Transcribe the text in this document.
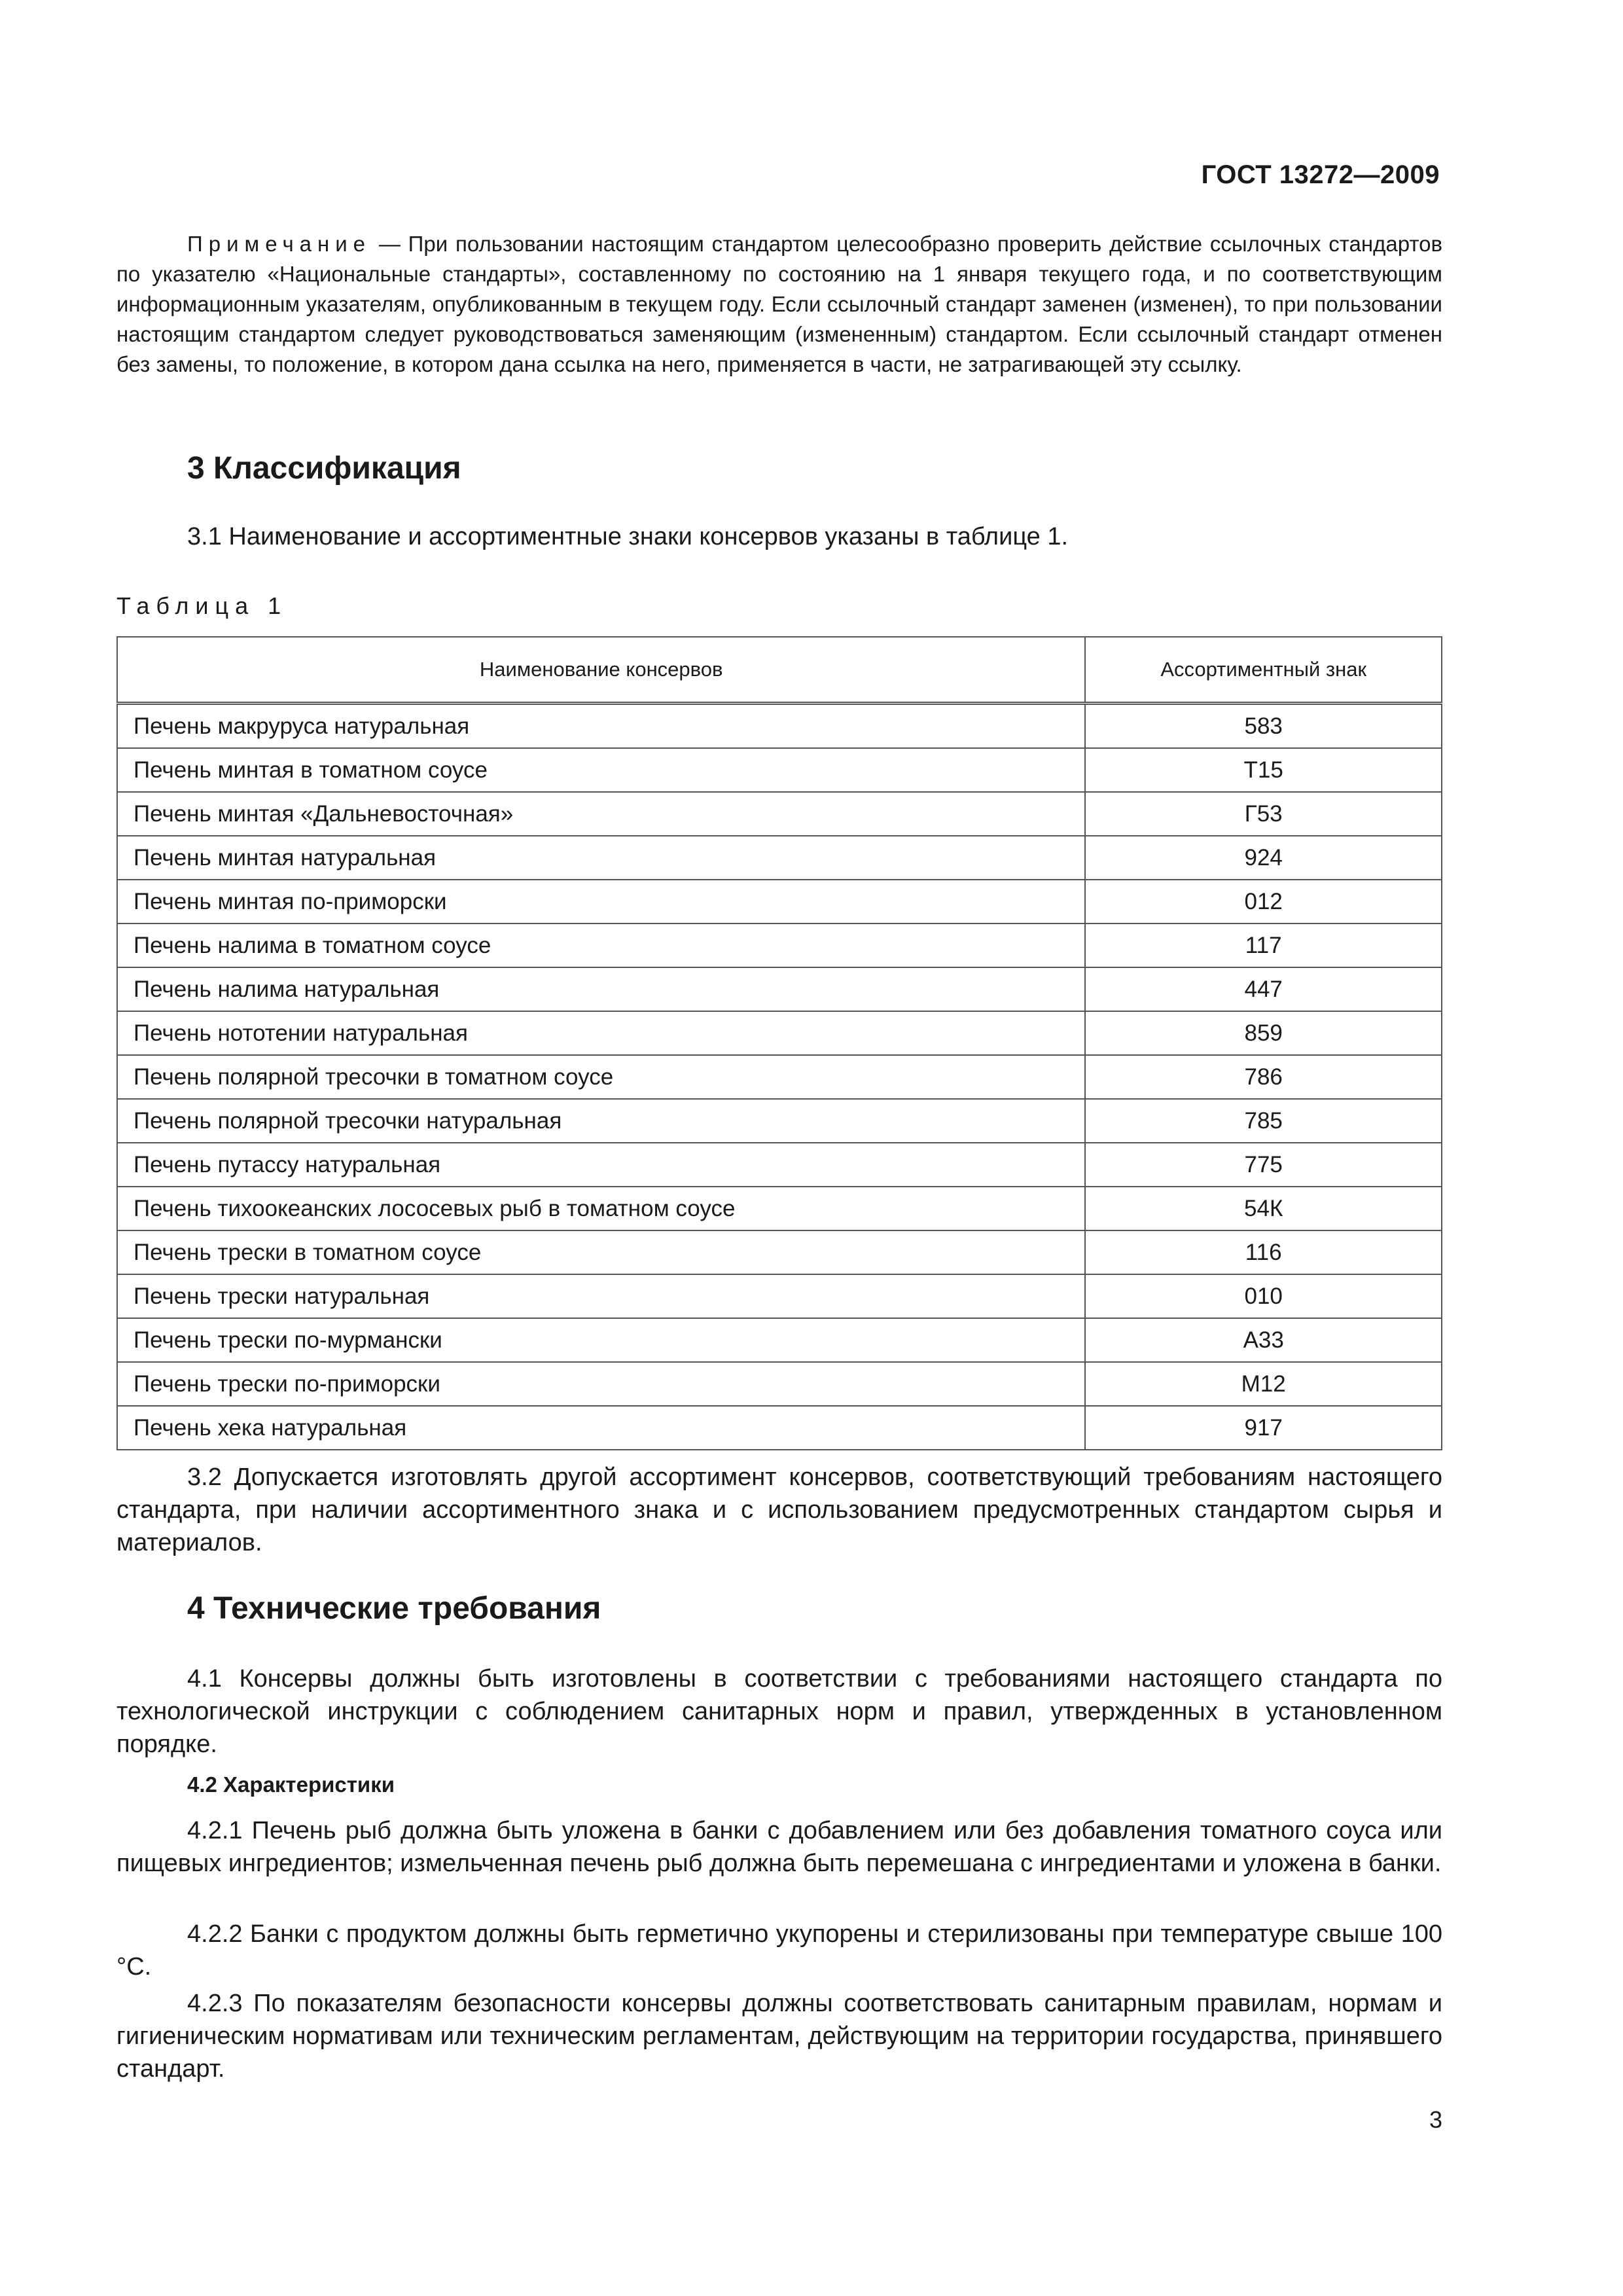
ГОСТ 13272—2009

Примечание — При пользовании настоящим стандартом целесообразно проверить действие ссылочных стандартов по указателю «Национальные стандарты», составленному по состоянию на 1 января текущего года, и по соответствующим информационным указателям, опубликованным в текущем году. Если ссылочный стандарт заменен (изменен), то при пользовании настоящим стандартом следует руководствоваться заменяющим (измененным) стандартом. Если ссылочный стандарт отменен без замены, то положение, в котором дана ссылка на него, применяется в части, не затрагивающей эту ссылку.

3 Классификация

3.1 Наименование и ассортиментные знаки консервов указаны в таблице 1.

Таблица 1
Наименование консервов	Ассортиментный знак
Печень макруруса натуральная	583
Печень минтая в томатном соусе	Т15
Печень минтая «Дальневосточная»	Г53
Печень минтая натуральная	924
Печень минтая по-приморски	012
Печень налима в томатном соусе	117
Печень налима натуральная	447
Печень нототении натуральная	859
Печень полярной тресочки в томатном соусе	786
Печень полярной тресочки натуральная	785
Печень путассу натуральная	775
Печень тихоокеанских лососевых рыб в томатном соусе	54К
Печень трески в томатном соусе	116
Печень трески натуральная	010
Печень трески по-мурмански	А33
Печень трески по-приморски	М12
Печень хека натуральная	917

3.2 Допускается изготовлять другой ассортимент консервов, соответствующий требованиям настоящего стандарта, при наличии ассортиментного знака и с использованием предусмотренных стандартом сырья и материалов.

4 Технические требования

4.1 Консервы должны быть изготовлены в соответствии с требованиями настоящего стандарта по технологической инструкции с соблюдением санитарных норм и правил, утвержденных в установленном порядке.

4.2 Характеристики

4.2.1 Печень рыб должна быть уложена в банки с добавлением или без добавления томатного соуса или пищевых ингредиентов; измельченная печень рыб должна быть перемешана с ингредиентами и уложена в банки.

4.2.2 Банки с продуктом должны быть герметично укупорены и стерилизованы при температуре свыше 100 °С.

4.2.3 По показателям безопасности консервы должны соответствовать санитарным правилам, нормам и гигиеническим нормативам или техническим регламентам, действующим на территории государства, принявшего стандарт.

3
